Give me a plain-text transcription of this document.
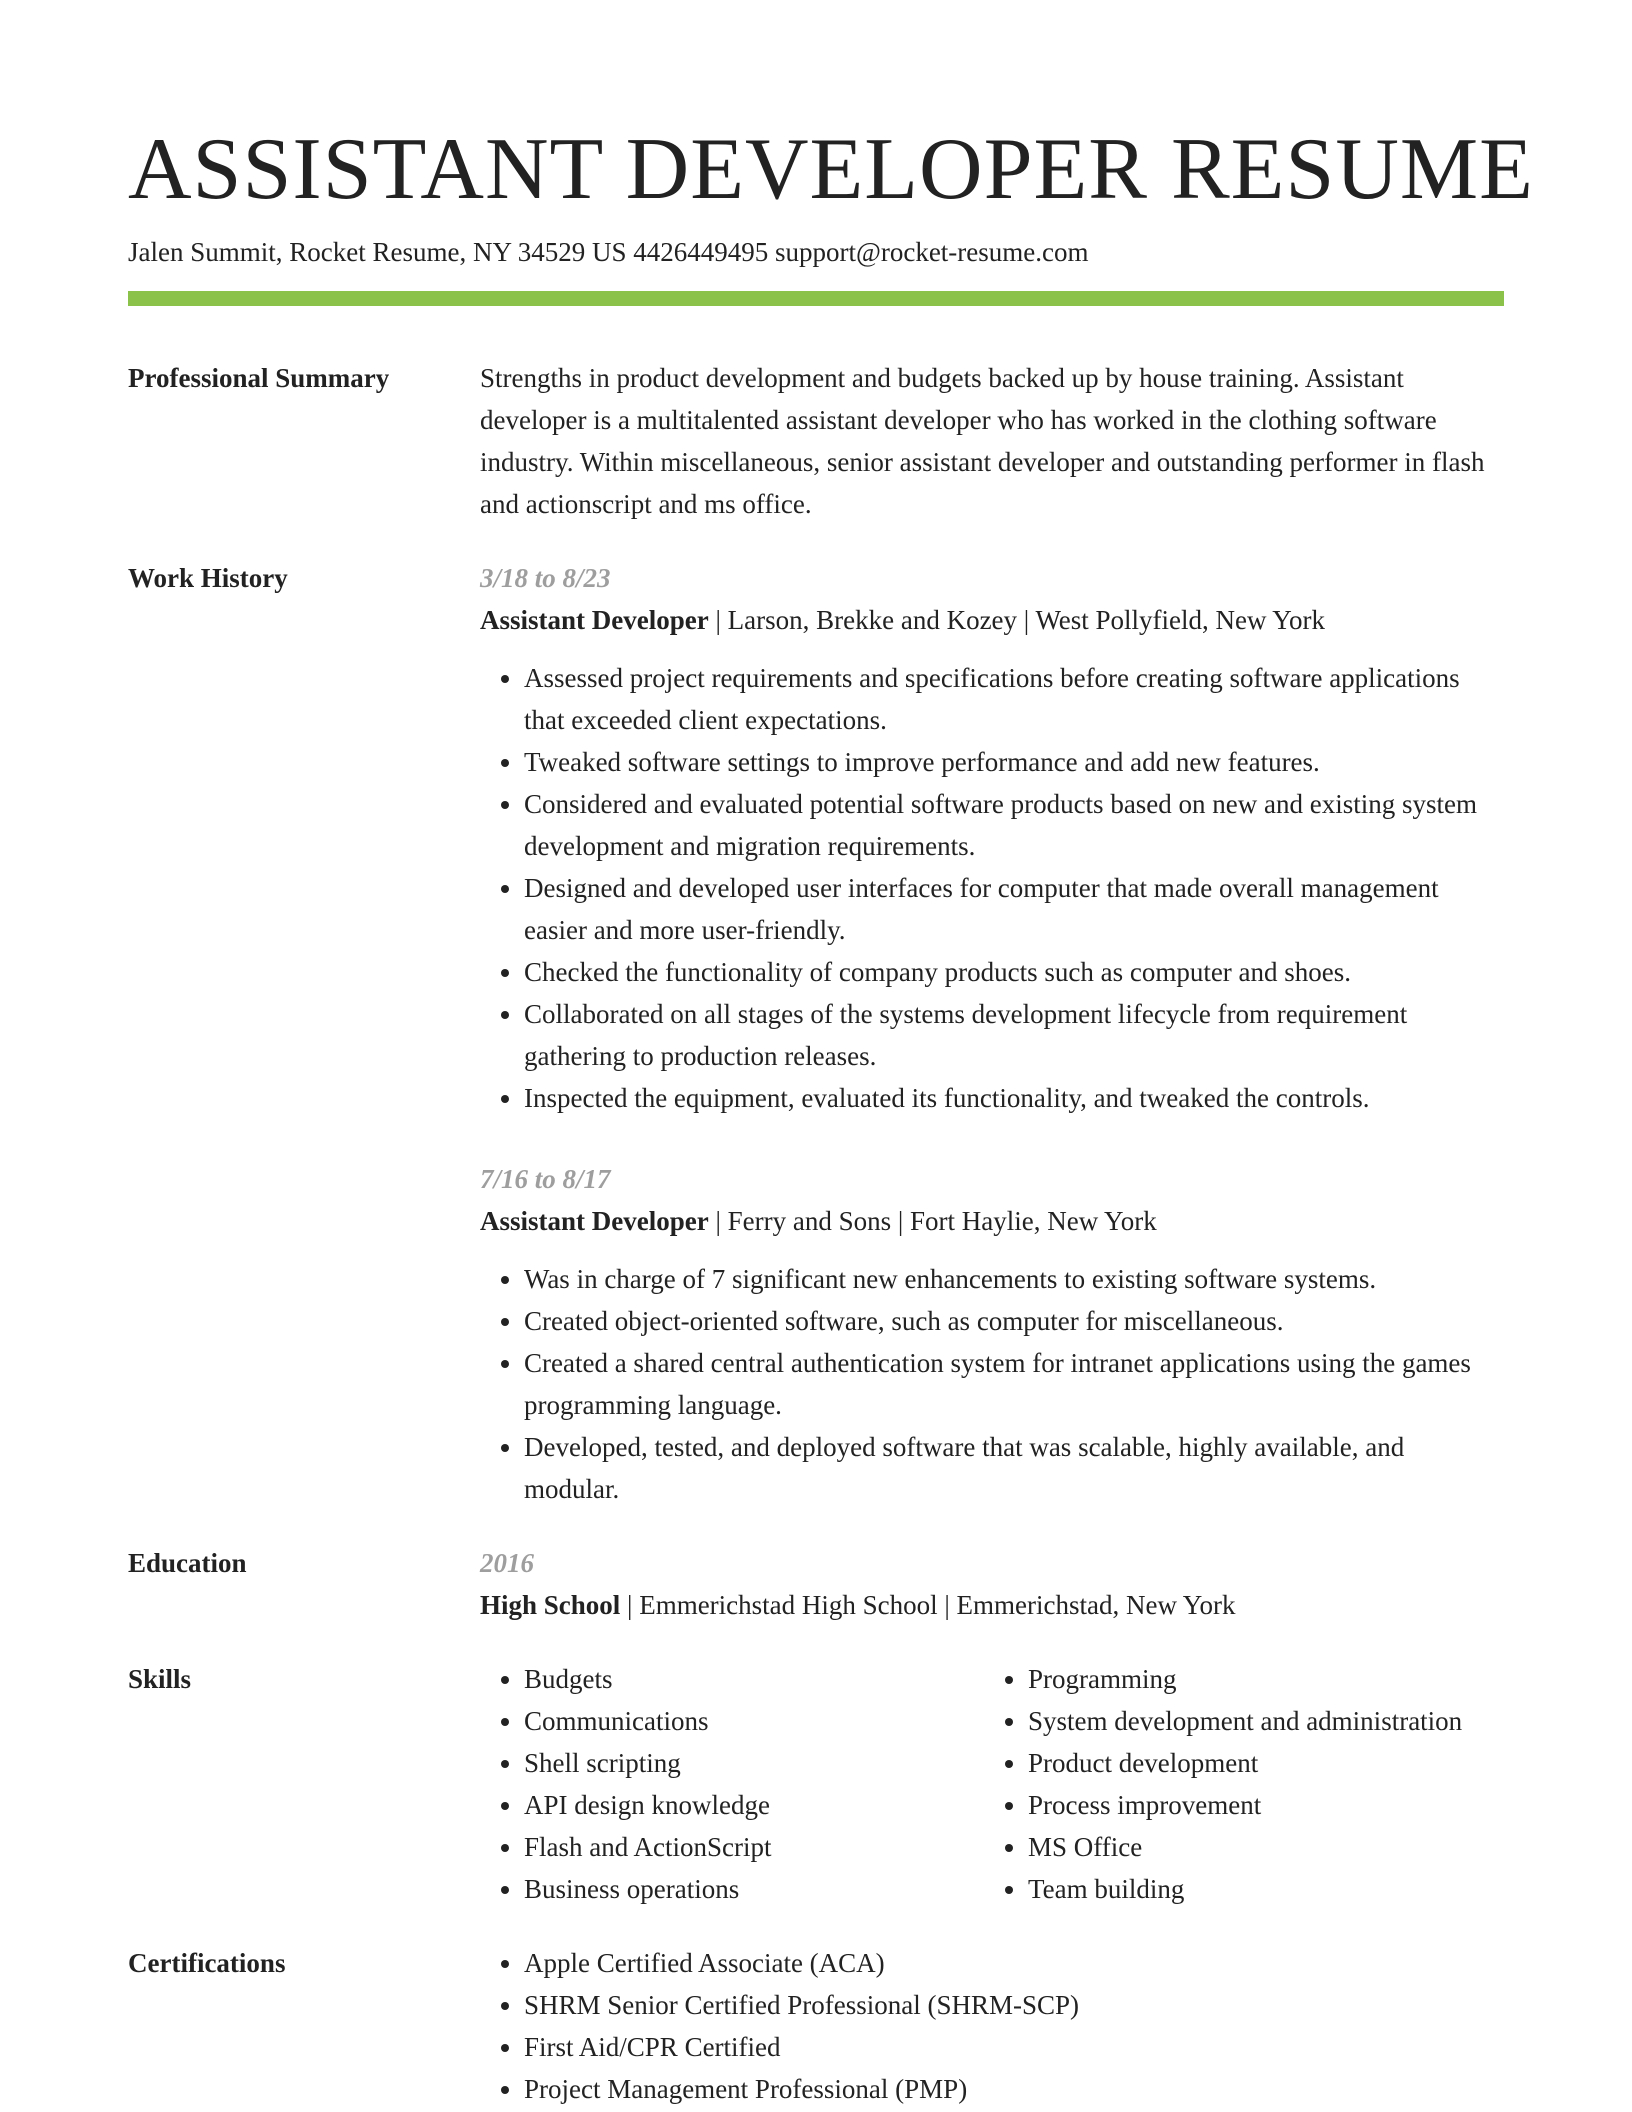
ASSISTANT DEVELOPER RESUME
Jalen Summit, Rocket Resume, NY 34529 US 4426449495 support@rocket-resume.com
Professional Summary	Strengths in product development and budgets backed up by house training. Assistant developer is a multitalented assistant developer who has worked in the clothing software industry. Within miscellaneous, senior assistant developer and outstanding performer in flash and actionscript and ms office.
Work History	3/18 to 8/23
Assistant Developer | Larson, Brekke and Kozey | West Pollyfield, New York
• Assessed project requirements and specifications before creating software applications that exceeded client expectations.
• Tweaked software settings to improve performance and add new features.
• Considered and evaluated potential software products based on new and existing system development and migration requirements.
• Designed and developed user interfaces for computer that made overall management easier and more user-friendly.
• Checked the functionality of company products such as computer and shoes.
• Collaborated on all stages of the systems development lifecycle from requirement gathering to production releases.
• Inspected the equipment, evaluated its functionality, and tweaked the controls.
7/16 to 8/17
Assistant Developer | Ferry and Sons | Fort Haylie, New York
• Was in charge of 7 significant new enhancements to existing software systems.
• Created object-oriented software, such as computer for miscellaneous.
• Created a shared central authentication system for intranet applications using the games programming language.
• Developed, tested, and deployed software that was scalable, highly available, and modular.
Education	2016
High School | Emmerichstad High School | Emmerichstad, New York
Skills	• Budgets
• Communications
• Shell scripting
• API design knowledge
• Flash and ActionScript
• Business operations
• Programming
• System development and administration
• Product development
• Process improvement
• MS Office
• Team building
Certifications	• Apple Certified Associate (ACA)
• SHRM Senior Certified Professional (SHRM-SCP)
• First Aid/CPR Certified
• Project Management Professional (PMP)
